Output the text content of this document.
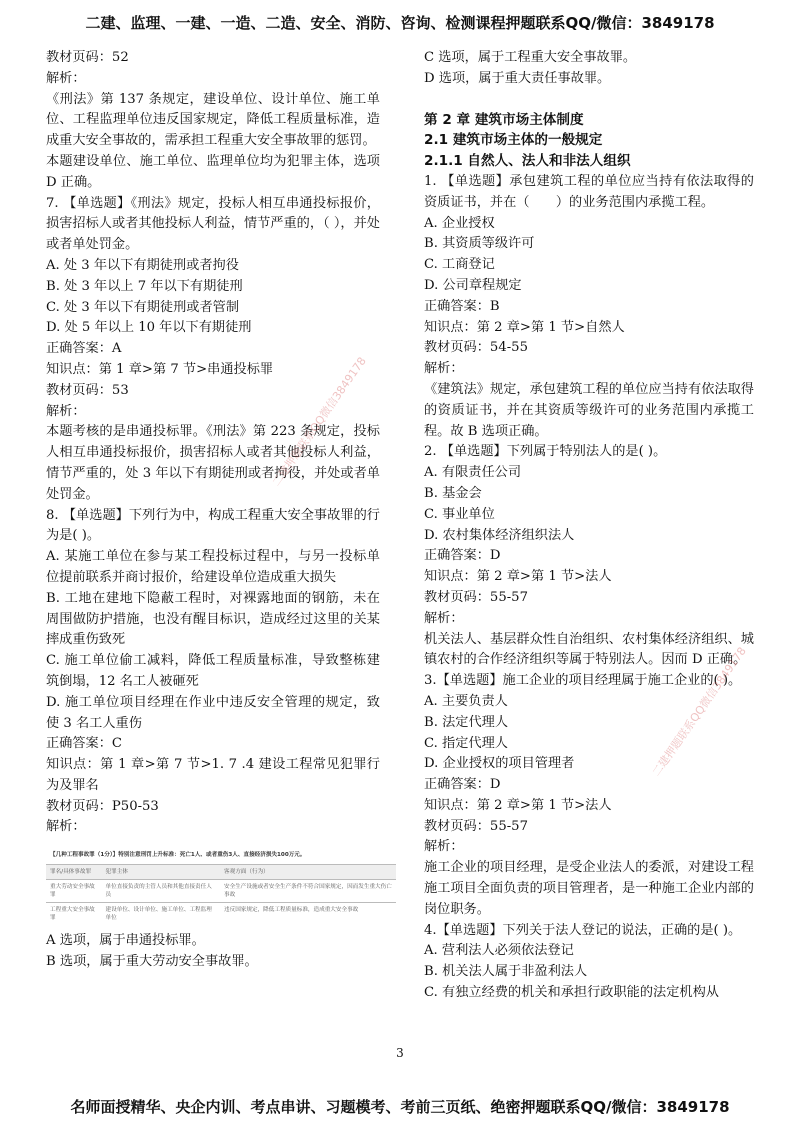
二建、监理、一建、一造、二造、安全、消防、咨询、检测课程押题联系QQ/微信：3849178

教材页码：52

解析：

《刑法》第 137 条规定，建设单位、设计单位、施工单位、工程监理单位违反国家规定，降低工程质量标准，造成重大安全事故的，需承担工程重大安全事故罪的惩罚。

本题建设单位、施工单位、监理单位均为犯罪主体，选项D 正确。

7. 【单选题】《刑法》规定，投标人相互串通投标报价，损害招标人或者其他投标人利益，情节严重的，（ ），并处或者单处罚金。

A. 处 3 年以下有期徒刑或者拘役

B. 处 3 年以上 7 年以下有期徒刑

C. 处 3 年以下有期徒刑或者管制

D. 处 5 年以上 10 年以下有期徒刑

正确答案：A

知识点：第 1 章>第 7 节>串通投标罪

教材页码：53

解析：

本题考核的是串通投标罪。《刑法》第 223 条规定，投标人相互串通投标报价，损害招标人或者其他投标人利益，情节严重的，处 3 年以下有期徒刑或者拘役，并处或者单处罚金。

8. 【单选题】下列行为中，构成工程重大安全事故罪的行为是( )。

A. 某施工单位在参与某工程投标过程中，与另一投标单位提前联系并商讨报价，给建设单位造成重大损失

B. 工地在建地下隐蔽工程时，对裸露地面的钢筋，未在周围做防护措施，也没有醒目标识，造成经过这里的关某摔成重伤致死

C. 施工单位偷工减料，降低工程质量标准，导致整栋建筑倒塌，12 名工人被砸死

D. 施工单位项目经理在作业中违反安全管理的规定，致使 3 名工人重伤

正确答案：C

知识点：第 1 章>第 7 节>1. 7 .4 建设工程常见犯罪行为及罪名

教材页码：P50-53

解析：

【几种工程事故罪（1分）】特别注意刑罚上升标准：死亡1人、或者重伤3人、直接经济损失100万元。		
罪名/具体事故罪	犯罪主体	客观方面（行为）
重大劳动安全事故罪	单位直接负责的主管人员和其他直接责任人员	安全生产设施或者安全生产条件不符合国家规定，因而发生重大伤亡事故
工程重大安全事故罪	建设单位、设计单位、施工单位、工程监理单位	违反国家规定，降低工程质量标准，造成重大安全事故

A 选项，属于串通投标罪。

B 选项，属于重大劳动安全事故罪。

C 选项，属于工程重大安全事故罪。

D 选项，属于重大责任事故罪。

第 2 章 建筑市场主体制度

2.1 建筑市场主体的一般规定

2.1.1 自然人、法人和非法人组织

1. 【单选题】承包建筑工程的单位应当持有依法取得的资质证书，并在（　　）的业务范围内承揽工程。

A. 企业授权

B. 其资质等级许可

C. 工商登记

D. 公司章程规定

正确答案：B

知识点：第 2 章>第 1 节>自然人

教材页码：54-55

解析：

《建筑法》规定，承包建筑工程的单位应当持有依法取得的资质证书，并在其资质等级许可的业务范围内承揽工程。故 B 选项正确。

2. 【单选题】下列属于特别法人的是( )。

A. 有限责任公司

B. 基金会

C. 事业单位

D. 农村集体经济组织法人

正确答案：D

知识点：第 2 章>第 1 节>法人

教材页码：55-57

解析：

机关法人、基层群众性自治组织、农村集体经济组织、城镇农村的合作经济组织等属于特别法人。因而 D 正确。

3.【单选题】施工企业的项目经理属于施工企业的( )。

A. 主要负责人

B. 法定代理人

C. 指定代理人

D. 企业授权的项目管理者

正确答案：D

知识点：第 2 章>第 1 节>法人

教材页码：55-57

解析：

施工企业的项目经理，是受企业法人的委派，对建设工程施工项目全面负责的项目管理者，是一种施工企业内部的岗位职务。

4.【单选题】下列关于法人登记的说法，正确的是( )。

A. 营利法人必须依法登记

B. 机关法人属于非盈利法人

C. 有独立经费的机关和承担行政职能的法定机构从

3
名师面授精华、央企内训、考点串讲、习题模考、考前三页纸、绝密押题联系QQ/微信：3849178
二建押题联系QQ微信3849178
二建押题联系QQ微信3849178
